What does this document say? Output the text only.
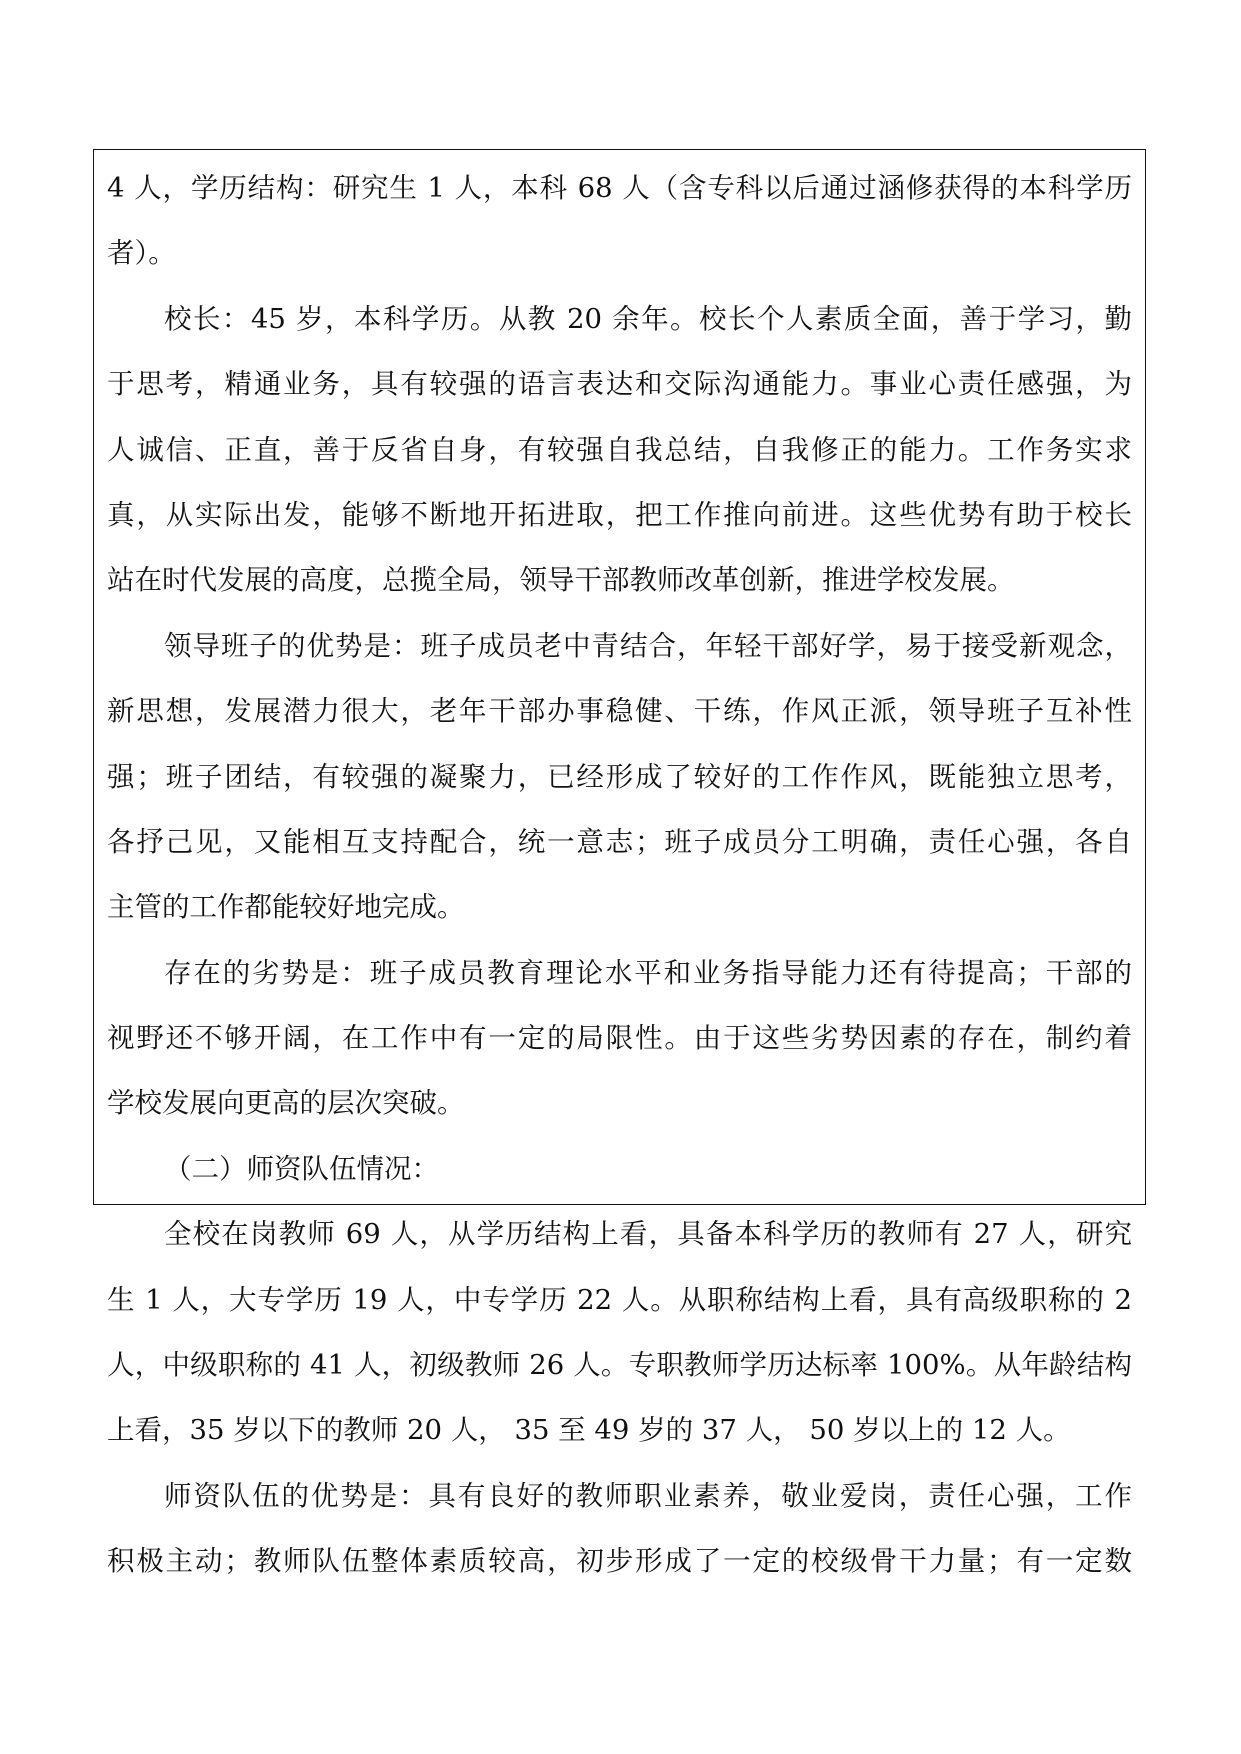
4 人，学历结构：研究生 1 人，本科 68 人（含专科以后通过涵修获得的本科学历
者）。
校长：45 岁，本科学历。从教 20 余年。校长个人素质全面，善于学习，勤
于思考，精通业务，具有较强的语言表达和交际沟通能力。事业心责任感强，为
人诚信、正直，善于反省自身，有较强自我总结，自我修正的能力。工作务实求
真，从实际出发，能够不断地开拓进取，把工作推向前进。这些优势有助于校长
站在时代发展的高度，总揽全局，领导干部教师改革创新，推进学校发展。
领导班子的优势是：班子成员老中青结合，年轻干部好学，易于接受新观念，
新思想，发展潜力很大，老年干部办事稳健、干练，作风正派，领导班子互补性
强；班子团结，有较强的凝聚力，已经形成了较好的工作作风，既能独立思考，
各抒己见，又能相互支持配合，统一意志；班子成员分工明确，责任心强，各自
主管的工作都能较好地完成。
存在的劣势是：班子成员教育理论水平和业务指导能力还有待提高；干部的
视野还不够开阔，在工作中有一定的局限性。由于这些劣势因素的存在，制约着
学校发展向更高的层次突破。
（二）师资队伍情况：
全校在岗教师 69 人，从学历结构上看，具备本科学历的教师有 27 人，研究
生 1 人，大专学历 19 人，中专学历 22 人。从职称结构上看，具有高级职称的 2
人，中级职称的 41 人，初级教师 26 人。专职教师学历达标率 100%。从年龄结构
上看，35 岁以下的教师 20 人， 35 至 49 岁的 37 人， 50 岁以上的 12 人。
师资队伍的优势是：具有良好的教师职业素养，敬业爱岗，责任心强，工作
积极主动；教师队伍整体素质较高，初步形成了一定的校级骨干力量；有一定数
